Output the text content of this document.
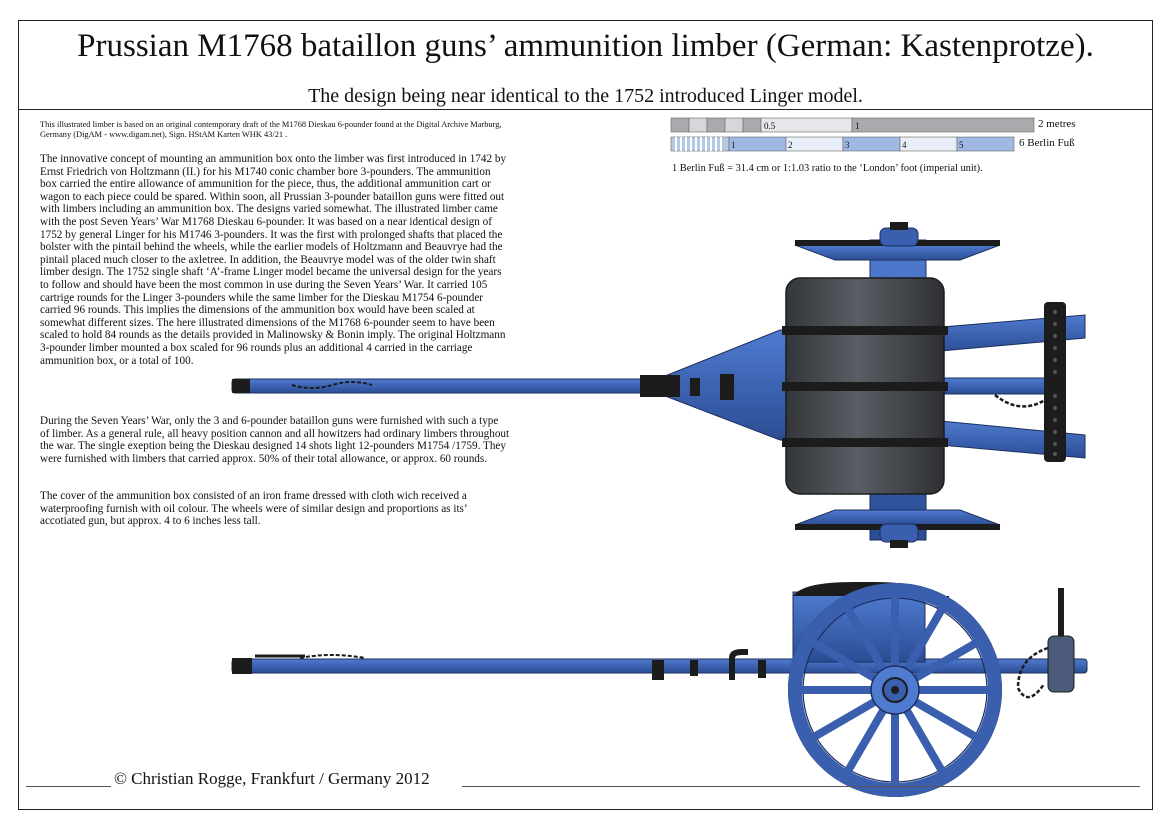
Prussian M1768 bataillon guns’ ammunition limber (German: Kastenprotze).
The design being near identical to the 1752 introduced Linger model.

This illustrated limber is based on an original contemporary draft of the M1768 Dieskau 6-pounder found at the Digital Archive Marburg, Germany (DigAM - www.digam.net), Sign. HStAM Karten WHK 43/21 .

The innovative concept of mounting an ammunition box onto the limber was first introduced in 1742 by Ernst Friedrich von Holtzmann (II.) for his M1740 conic chamber bore 3-pounders. The ammunition box carried the entire allowance of ammunition for the piece, thus, the additional ammunition cart or wagon to each piece could be spared. Within soon, all Prussian 3-pounder bataillon guns were fitted out with limbers including an ammunition box. The designs varied somewhat. The illustrated limber came with the post Seven Years’ War M1768 Dieskau 6-pounder. It was based on a near identical design of 1752 by general Linger for his M1746 3-pounders. It was the first with prolonged shafts that placed the bolster with the pintail behind the wheels, while the earlier models of Holtzmann and Beauvrye had the pintail placed much closer to the axletree. In addition, the Beauvrye model was of the older twin shaft limber design. The 1752 single shaft ‘A’-frame Linger model became the universal design for the years to follow and should have been the most common in use during the Seven Years’ War. It carried 105 cartrige rounds for the Linger 3-pounders while the same limber for the Dieskau M1754 6-pounder carried 96 rounds. This implies the dimensions of the ammunition box would have been scaled at somewhat different sizes. The here illustrated dimensions of the M1768 6-pounder seem to have been scaled to hold 84 rounds as the details provided in Malinowsky & Bonin imply. The original Holtzmann 3-pounder limber mounted a box scaled for 96 rounds plus an additional 4 carried in the carriage ammunition box, or a total of 100.

During the Seven Years’ War, only the 3 and 6-pounder bataillon guns were furnished with such a type of limber. As a general rule, all heavy position cannon and all howitzers had ordinary limbers throughout the war. The single exeption being the Dieskau designed 14 shots light 12-pounders M1754 /1759. They were furnished with limbers that carried approx. 50% of their total allowance, or approx. 60 rounds.

The cover of the ammunition box consisted of an iron frame dressed with cloth wich received a waterproofing furnish with oil colour. The wheels were of similar design and proportions as its’ accotiated gun, but approx. 4 to 6 inches less tall.

0.5	1	2 metres
1	2	3	4	5	6 Berlin Fuß
1 Berlin Fuß = 31.4 cm or 1:1.03 ratio to the ‘London’ foot (imperial unit).
© Christian Rogge, Frankfurt / Germany 2012
